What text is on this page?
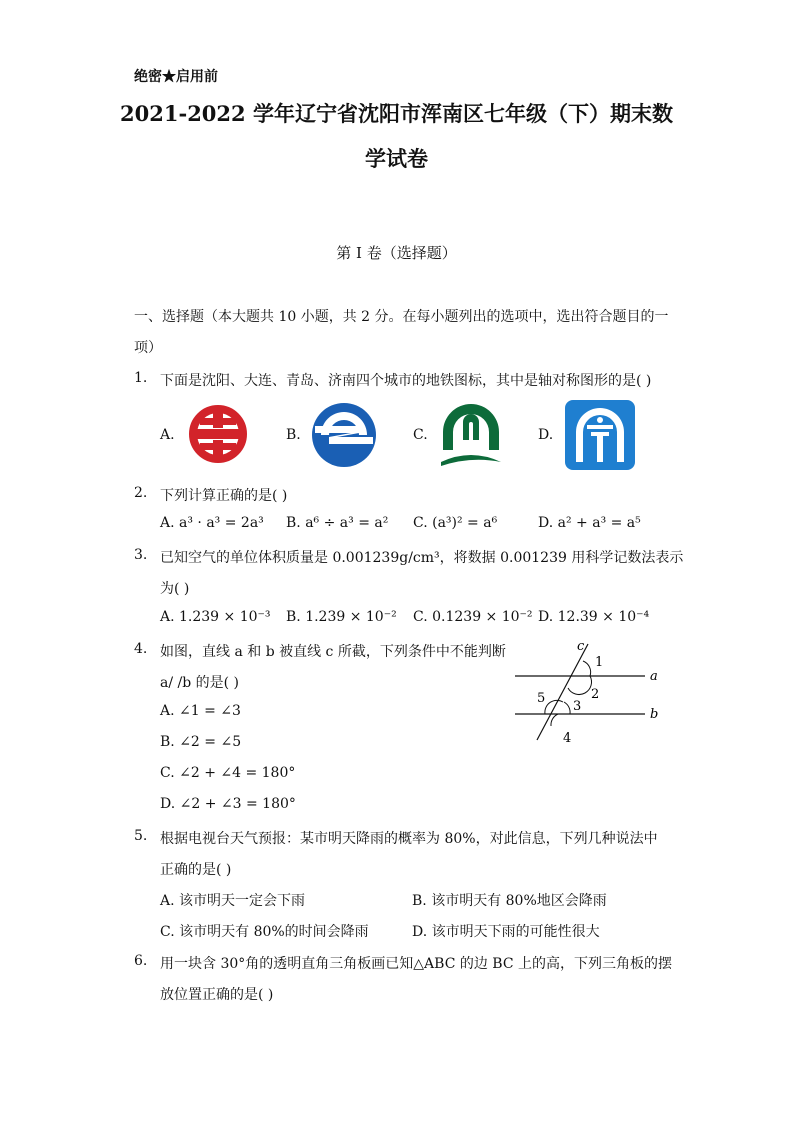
绝密★启用前
2021-2022 学年辽宁省沈阳市浑南区七年级（下）期末数
学试卷
第 I 卷（选择题）
一、选择题（本大题共 10 小题，共 2 分。在每小题列出的选项中，选出符合题目的一
项）
1. 下面是沈阳、大连、青岛、济南四个城市的地铁图标，其中是轴对称图形的是( )
A.	B.	C.	D.
2. 下列计算正确的是( )
A. a³ · a³ = 2a³ B. a⁶ ÷ a³ = a² C. (a³)² = a⁶	D. a² + a³ = a⁵
3. 已知空气的单位体积质量是 0.001239g/cm³，将数据 0.001239 用科学记数法表示
为( )
A. 1.239 × 10⁻³ B. 1.239 × 10⁻² C. 0.1239 × 10⁻² D. 12.39 × 10⁻⁴
4. 如图，直线 a 和 b 被直线 c 所截，下列条件中不能判断
a/ /b 的是( )
A. ∠1 = ∠3
B. ∠2 = ∠5
C. ∠2 + ∠4 = 180°
D. ∠2 + ∠3 = 180°
c
1
2
3
4
5
a
b
5. 根据电视台天气预报：某市明天降雨的概率为 80%，对此信息，下列几种说法中
正确的是( )
A. 该市明天一定会下雨	B. 该市明天有 80%地区会降雨
C. 该市明天有 80%的时间会降雨	D. 该市明天下雨的可能性很大
6. 用一块含 30°角的透明直角三角板画已知△ABC 的边 BC 上的高，下列三角板的摆
放位置正确的是( )
